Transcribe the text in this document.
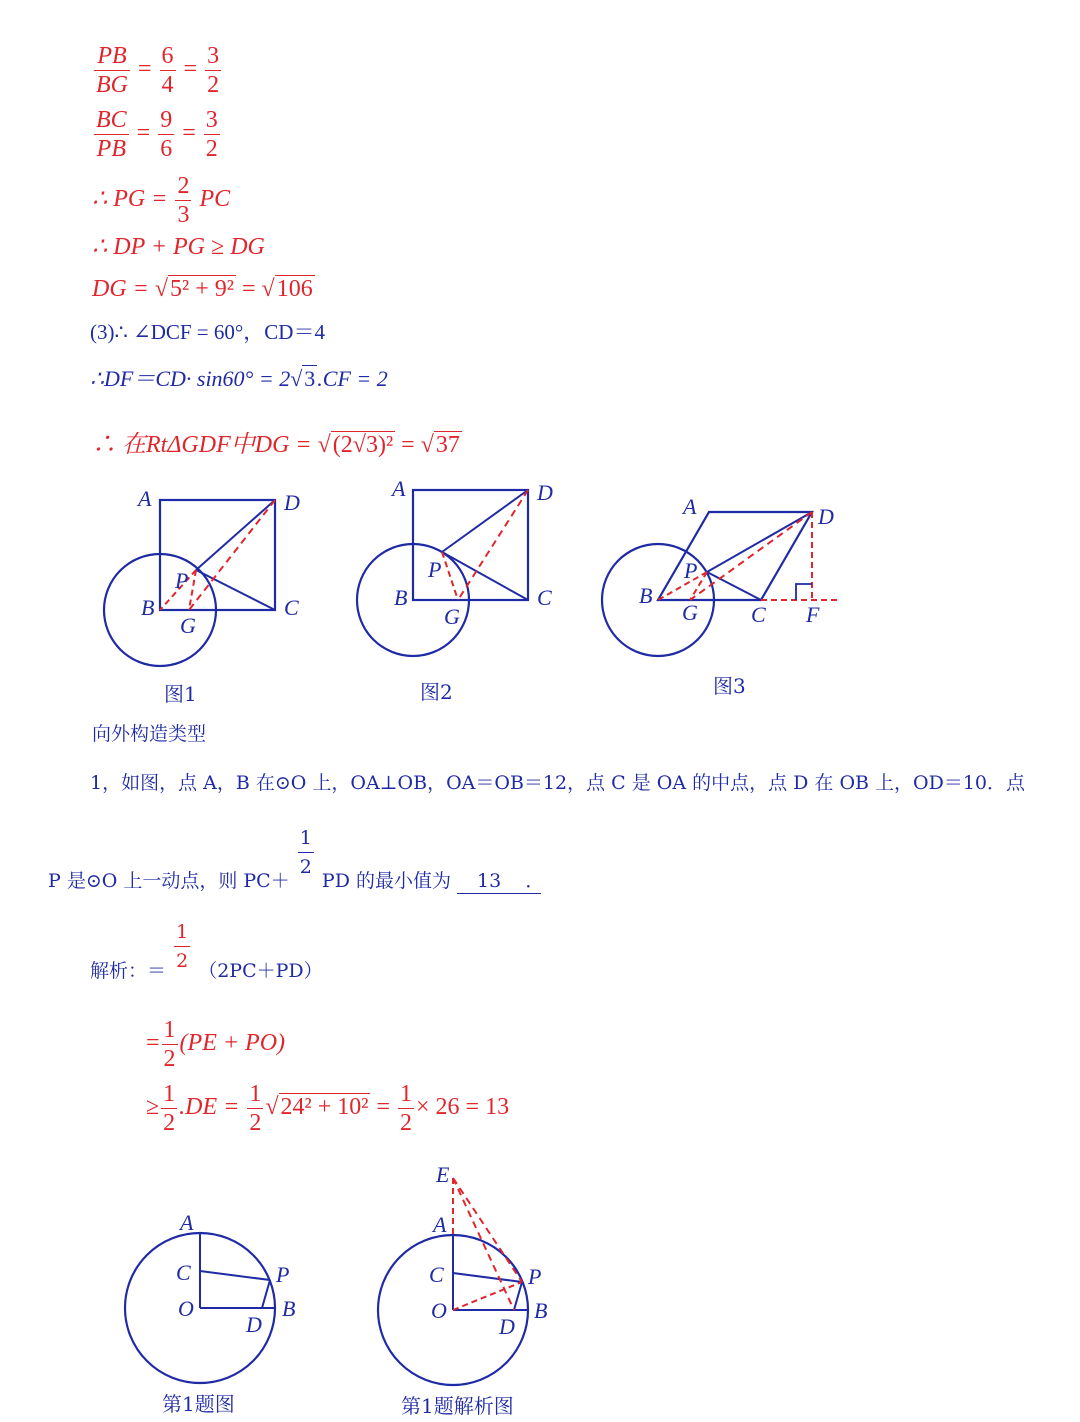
$\frac{PB}{BG} = \frac{6}{4} = \frac{3}{2}$
$\frac{BC}{PB} = \frac{9}{6} = \frac{3}{2}$
∴ PG = $\frac{2}{3}$ PC
∴ DP + PG ≥ DG
DG = √5² + 9² = √106
(3)∴ ∠DCF = 60°，CD＝4
∴DF＝CD· sin60° = 2√3.CF = 2
∴ 在RtΔGDF中DG = √(2√3)² = √37
A	D
P
B
G
C
A	D
P
B
G
C
A	D
P
B
G C F
图1	图2	图3
向外构造类型
1，如图，点 A，B 在⊙O 上，OA⊥OB，OA＝OB＝12，点 C 是 OA 的中点，点 D 在 OB 上，OD＝10．点
P 是⊙O 上一动点，则 $PC+ \frac{1}{2}$ PD 的最小值为 13 ．
解析：＝ $\frac{1}{2} (2PC+PD)$
= $\frac{1}{2} (PE + PO)$
≥ $\frac{1}{2} .DE = \frac{1}{2} √24^2 + 10^2 = \frac{1}{2} \times 26 = 13$
A
C	P
O	B
D
E
A
C	P
O	B
D
第1题图	第1题解析图
